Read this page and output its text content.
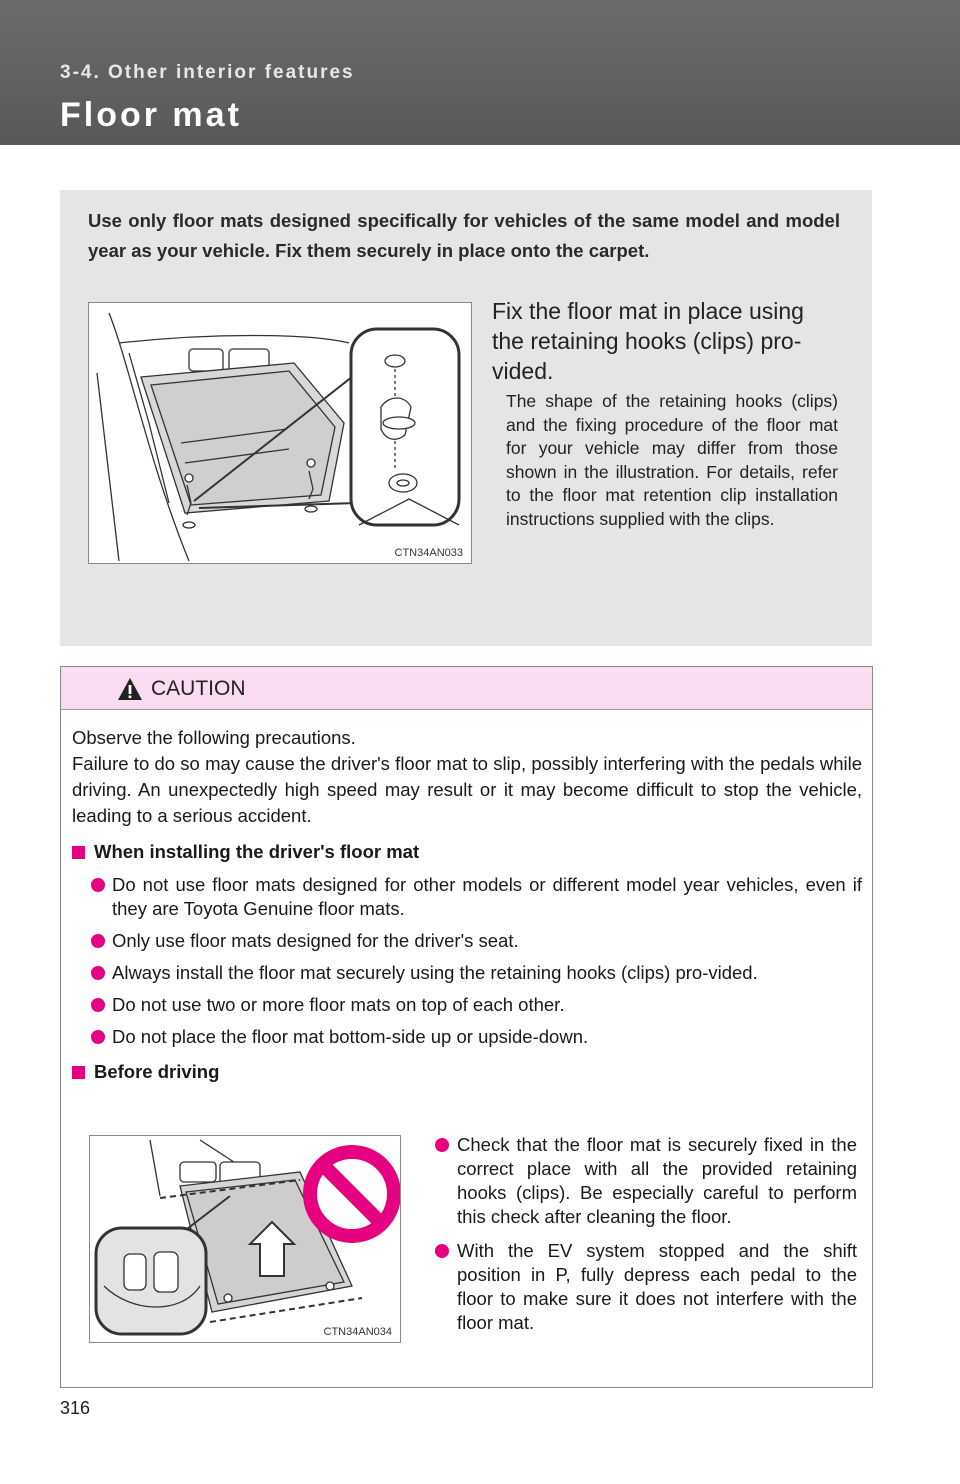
3-4. Other interior features
Floor mat
Use only floor mats designed specifically for vehicles of the same model and model year as your vehicle. Fix them securely in place onto the carpet.
CTN34AN033
Fix the floor mat in place using the retaining hooks (clips) pro-vided.
The shape of the retaining hooks (clips) and the fixing procedure of the floor mat for your vehicle may differ from those shown in the illustration. For details, refer to the floor mat retention clip installation instructions supplied with the clips.
CAUTION

Observe the following precautions.

Failure to do so may cause the driver's floor mat to slip, possibly interfering with the pedals while driving. An unexpectedly high speed may result or it may become difficult to stop the vehicle, leading to a serious accident.

When installing the driver's floor mat
Do not use floor mats designed for other models or different model year vehicles, even if they are Toyota Genuine floor mats.
Only use floor mats designed for the driver's seat.
Always install the floor mat securely using the retaining hooks (clips) pro-vided.
Do not use two or more floor mats on top of each other.
Do not place the floor mat bottom-side up or upside-down.
Before driving
CTN34AN034
Check that the floor mat is securely fixed in the correct place with all the provided retaining hooks (clips). Be especially careful to perform this check after cleaning the floor.
With the EV system stopped and the shift position in P, fully depress each pedal to the floor to make sure it does not interfere with the floor mat.
316
